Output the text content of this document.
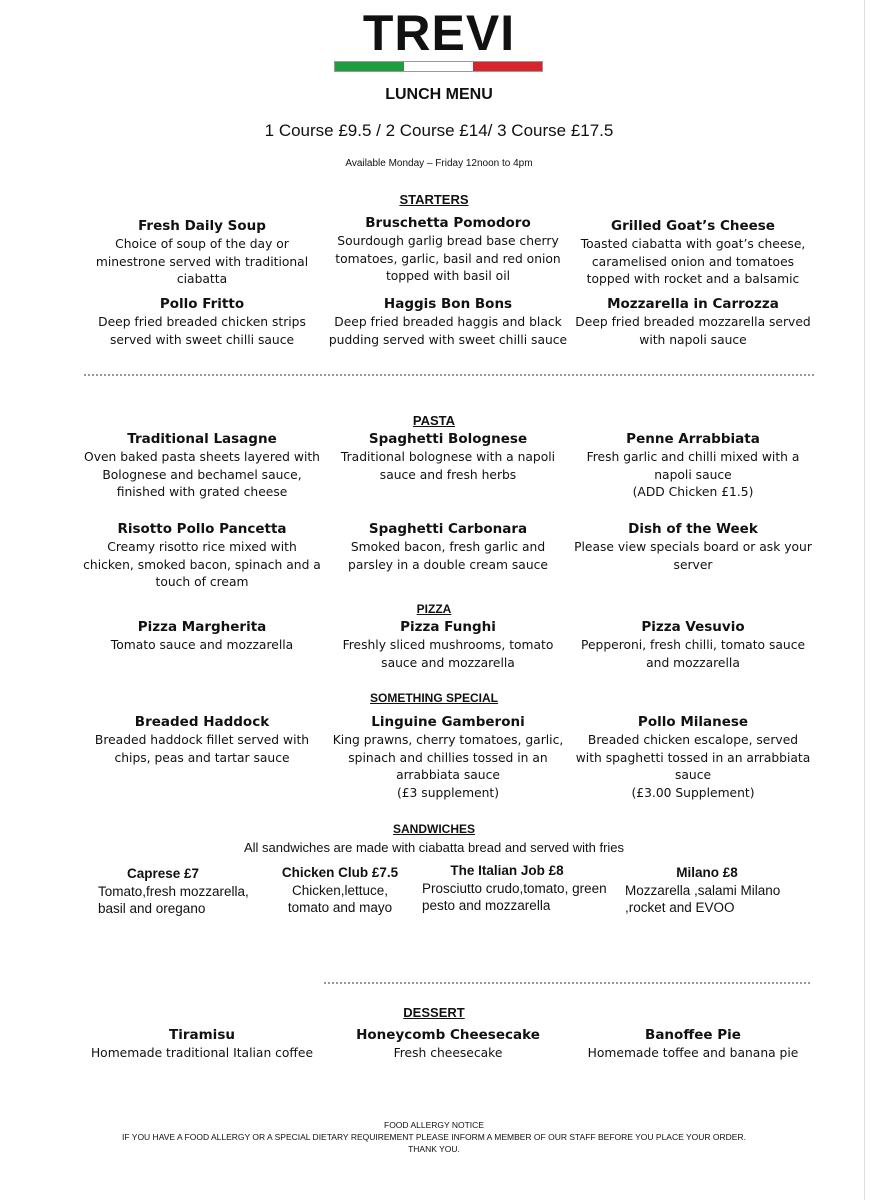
TREVI
LUNCH MENU
1 Course £9.5 / 2 Course £14/ 3 Course £17.5
Available Monday – Friday 12noon to 4pm
STARTERS
Fresh Daily Soup
Choice of soup of the day or minestrone served with traditional ciabatta
Bruschetta Pomodoro
Sourdough garlig bread base cherry tomatoes, garlic, basil and red onion topped with basil oil
Grilled Goat’s Cheese
Toasted ciabatta with goat’s cheese, caramelised onion and tomatoes topped with rocket and a balsamic
Pollo Fritto
Deep fried breaded chicken strips served with sweet chilli sauce
Haggis Bon Bons
Deep fried breaded haggis and black pudding served with sweet chilli sauce
Mozzarella in Carrozza
Deep fried breaded mozzarella served with napoli sauce
PASTA
Traditional Lasagne
Oven baked pasta sheets layered with Bolognese and bechamel sauce, finished with grated cheese
Spaghetti Bolognese
Traditional bolognese with a napoli sauce and fresh herbs
Penne Arrabbiata
Fresh garlic and chilli mixed with a napoli sauce
(ADD Chicken £1.5)
Risotto Pollo Pancetta
Creamy risotto rice mixed with chicken, smoked bacon, spinach and a touch of cream
Spaghetti Carbonara
Smoked bacon, fresh garlic and parsley in a double cream sauce
Dish of the Week
Please view specials board or ask your server
PIZZA
Pizza Margherita
Tomato sauce and mozzarella
Pizza Funghi
Freshly sliced mushrooms, tomato sauce and mozzarella
Pizza Vesuvio
Pepperoni, fresh chilli, tomato sauce and mozzarella
SOMETHING SPECIAL
Breaded Haddock
Breaded haddock fillet served with chips, peas and tartar sauce
Linguine Gamberoni
King prawns, cherry tomatoes, garlic, spinach and chillies tossed in an arrabbiata sauce
(£3 supplement)
Pollo Milanese
Breaded chicken escalope, served with spaghetti tossed in an arrabbiata sauce
(£3.00 Supplement)
SANDWICHES
All sandwiches are made with ciabatta bread and served with fries
Caprese £7
Tomato,fresh mozzarella, basil and oregano
Chicken Club £7.5
Chicken,lettuce, tomato and mayo
The Italian Job £8
Prosciutto crudo,tomato, green pesto and mozzarella
Milano £8
Mozzarella ,salami Milano ,rocket and EVOO
DESSERT
Tiramisu
Homemade traditional Italian coffee
Honeycomb Cheesecake
Fresh cheesecake
Banoffee Pie
Homemade toffee and banana pie
FOOD ALLERGY NOTICE
IF YOU HAVE A FOOD ALLERGY OR A SPECIAL DIETARY REQUIREMENT PLEASE INFORM A MEMBER OF OUR STAFF BEFORE YOU PLACE YOUR ORDER.
THANK YOU.
